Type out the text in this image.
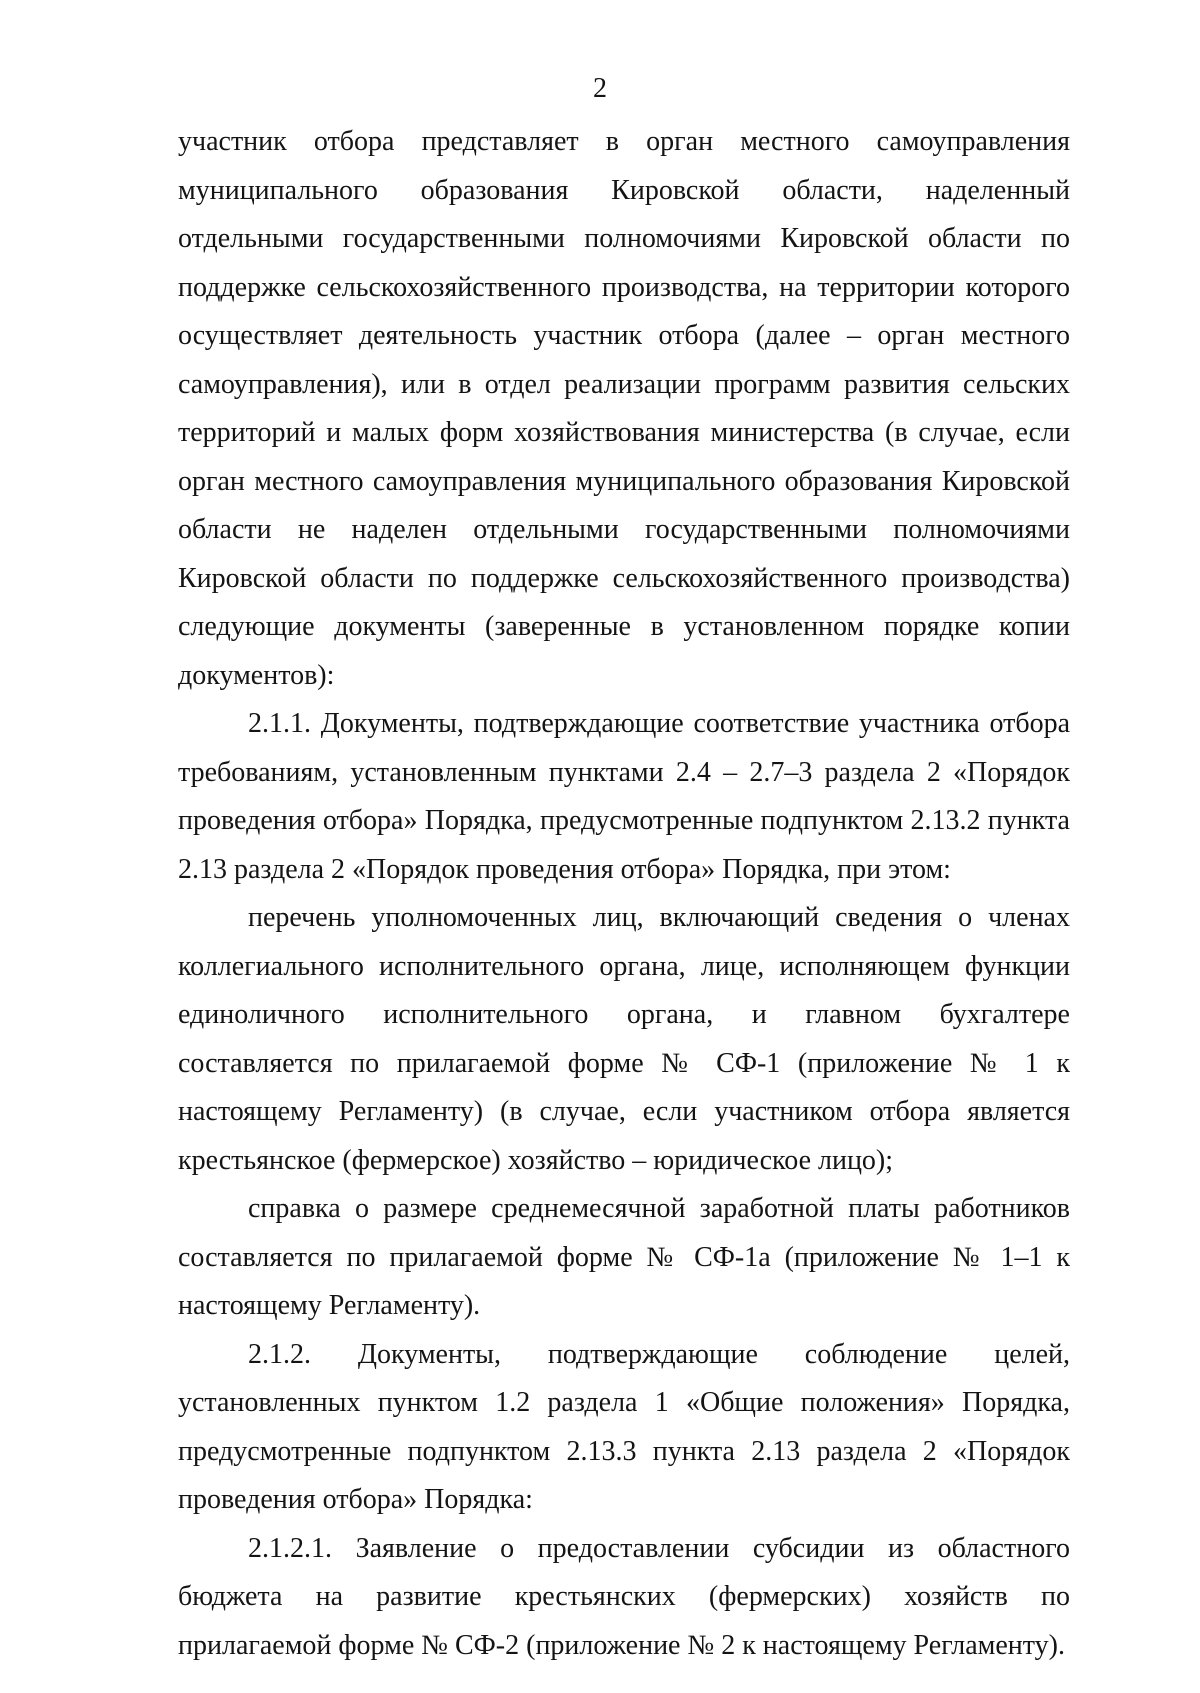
2

участник отбора представляет в орган местного самоуправления муниципального образования Кировской области, наделенный отдельными государственными полномочиями Кировской области по поддержке сельскохозяйственного производства, на территории которого осуществляет деятельность участник отбора (далее – орган местного самоуправления), или в отдел реализации программ развития сельских территорий и малых форм хозяйствования министерства (в случае, если орган местного самоуправления муниципального образования Кировской области не наделен отдельными государственными полномочиями Кировской области по поддержке сельскохозяйственного производства) следующие документы (заверенные в установленном порядке копии документов):

2.1.1. Документы, подтверждающие соответствие участника отбора требованиям, установленным пунктами 2.4 – 2.7–3 раздела 2 «Порядок проведения отбора» Порядка, предусмотренные подпунктом 2.13.2 пункта 2.13 раздела 2 «Порядок проведения отбора» Порядка, при этом:

перечень уполномоченных лиц, включающий сведения о членах коллегиального исполнительного органа, лице, исполняющем функции единоличного исполнительного органа, и главном бухгалтере составляется по прилагаемой форме № СФ-1 (приложение № 1 к настоящему Регламенту) (в случае, если участником отбора является крестьянское (фермерское) хозяйство – юридическое лицо);

справка о размере среднемесячной заработной платы работников составляется по прилагаемой форме № СФ-1а (приложение № 1–1 к настоящему Регламенту).

2.1.2. Документы, подтверждающие соблюдение целей, установленных пунктом 1.2 раздела 1 «Общие положения» Порядка, предусмотренные подпунктом 2.13.3 пункта 2.13 раздела 2 «Порядок проведения отбора» Порядка:

2.1.2.1. Заявление о предоставлении субсидии из областного бюджета на развитие крестьянских (фермерских) хозяйств по прилагаемой форме № СФ-2 (приложение № 2 к настоящему Регламенту).
